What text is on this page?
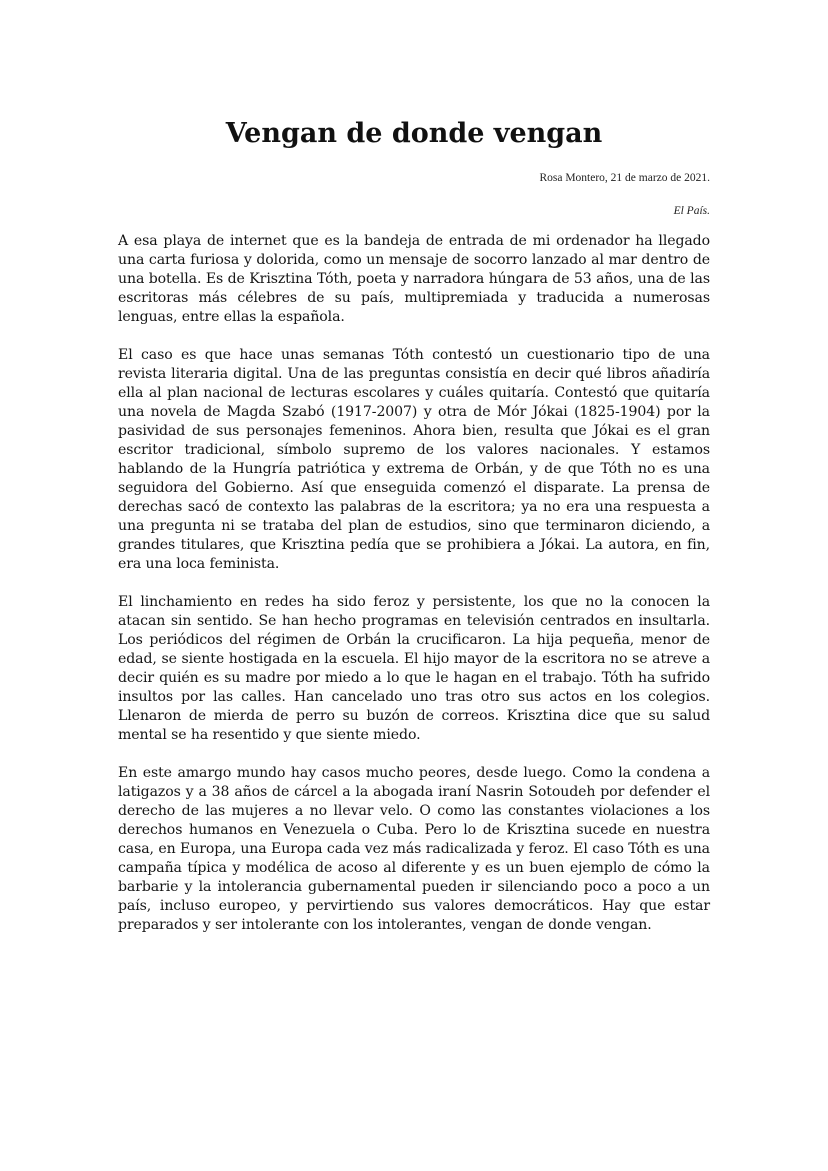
Vengan de donde vengan
Rosa Montero, 21 de marzo de 2021.
El País.

A esa playa de internet que es la bandeja de entrada de mi ordenador ha llegado una carta furiosa y dolorida, como un mensaje de socorro lanzado al mar dentro de una botella. Es de Krisztina Tóth, poeta y narradora húngara de 53 años, una de las escritoras más célebres de su país, multipremiada y traducida a numerosas lenguas, entre ellas la española.

El caso es que hace unas semanas Tóth contestó un cuestionario tipo de una revista literaria digital. Una de las preguntas consistía en decir qué libros añadiría ella al plan nacional de lecturas escolares y cuáles quitaría. Contestó que quitaría una novela de Magda Szabó (1917-2007) y otra de Mór Jókai (1825-1904) por la pasividad de sus personajes femeninos. Ahora bien, resulta que Jókai es el gran escritor tradicional, símbolo supremo de los valores nacionales. Y estamos hablando de la Hungría patriótica y extrema de Orbán, y de que Tóth no es una seguidora del Gobierno. Así que enseguida comenzó el disparate. La prensa de derechas sacó de contexto las palabras de la escritora; ya no era una respuesta a una pregunta ni se trataba del plan de estudios, sino que terminaron diciendo, a grandes titulares, que Krisztina pedía que se prohibiera a Jókai. La autora, en fin, era una loca feminista.

El linchamiento en redes ha sido feroz y persistente, los que no la conocen la atacan sin sentido. Se han hecho programas en televisión centrados en insultarla. Los periódicos del régimen de Orbán la crucificaron. La hija pequeña, menor de edad, se siente hostigada en la escuela. El hijo mayor de la escritora no se atreve a decir quién es su madre por miedo a lo que le hagan en el trabajo. Tóth ha sufrido insultos por las calles. Han cancelado uno tras otro sus actos en los colegios. Llenaron de mierda de perro su buzón de correos. Krisztina dice que su salud mental se ha resentido y que siente miedo.

En este amargo mundo hay casos mucho peores, desde luego. Como la condena a latigazos y a 38 años de cárcel a la abogada iraní Nasrin Sotoudeh por defender el derecho de las mujeres a no llevar velo. O como las constantes violaciones a los derechos humanos en Venezuela o Cuba. Pero lo de Krisztina sucede en nuestra casa, en Europa, una Europa cada vez más radicalizada y feroz. El caso Tóth es una campaña típica y modélica de acoso al diferente y es un buen ejemplo de cómo la barbarie y la intolerancia gubernamental pueden ir silenciando poco a poco a un país, incluso europeo, y pervirtiendo sus valores democráticos. Hay que estar preparados y ser intolerante con los intolerantes, vengan de donde vengan.
